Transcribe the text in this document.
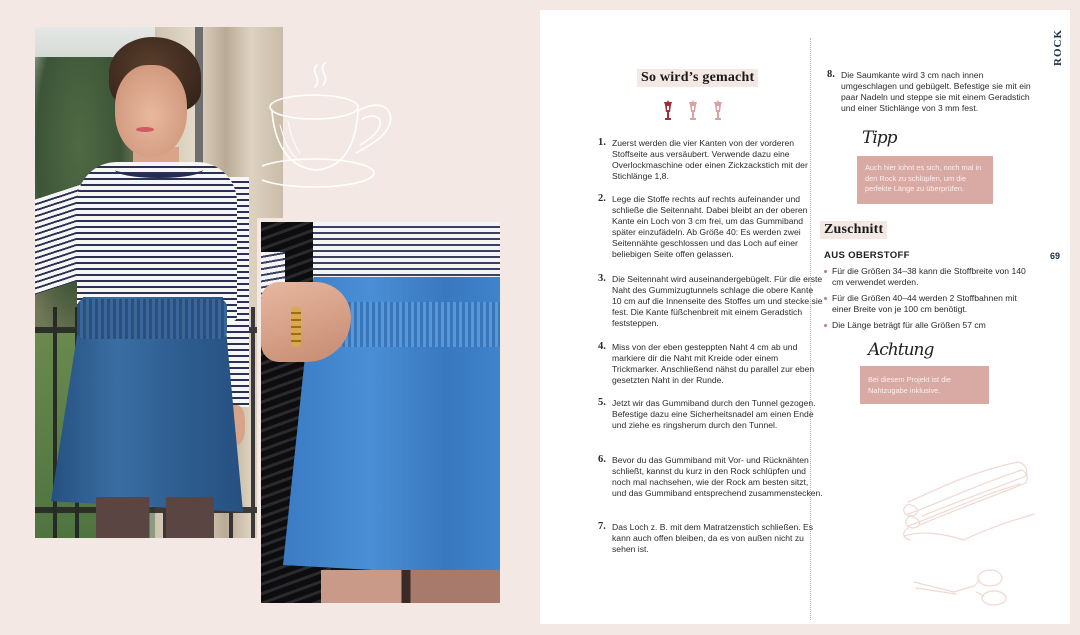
ROCK
69
So wird’s gemacht
1. Zuerst werden die vier Kanten von der vorderen Stoffseite aus versäubert. Verwende dazu eine Overlockmaschine oder einen Zickzackstich mit der Stichlänge 1,8.
2. Lege die Stoffe rechts auf rechts aufeinander und schließe die Seitennaht. Dabei bleibt an der oberen Kante ein Loch von 3 cm frei, um das Gummiband später einzufädeln. Ab Größe 40: Es werden zwei Seitennähte geschlossen und das Loch auf einer beliebigen Seite offen gelassen.
3. Die Seitennaht wird auseinandergebügelt. Für die erste Naht des Gummizugtunnels schlage die obere Kante 10 cm auf die Innenseite des Stoffes um und stecke sie fest. Die Kante füßchenbreit mit einem Geradstich feststeppen.
4. Miss von der eben gesteppten Naht 4 cm ab und markiere dir die Naht mit Kreide oder einem Trickmarker. Anschließend nähst du parallel zur eben gesetzten Naht in der Runde.
5. Jetzt wir das Gummiband durch den Tunnel gezogen. Befestige dazu eine Sicherheitsnadel am einen Ende und ziehe es ringsherum durch den Tunnel.
6. Bevor du das Gummiband mit Vor- und Rücknähten schließt, kannst du kurz in den Rock schlüpfen und noch mal nachsehen, wie der Rock am besten sitzt, und das Gummiband entsprechend zusammenstecken.
7. Das Loch z. B. mit dem Matratzenstich schließen. Es kann auch offen bleiben, da es von außen nicht zu sehen ist.
8. Die Saumkante wird 3 cm nach innen umgeschlagen und gebügelt. Befestige sie mit ein paar Nadeln und steppe sie mit einem Geradstich und einer Stichlänge von 3 mm fest.
Tipp
Auch hier lohnt es sich, noch mal in den Rock zu schlüpfen, um die perfekte Länge zu überprüfen.
Zuschnitt
AUS OBERSTOFF
Für die Größen 34–38 kann die Stoffbreite von 140 cm verwendet werden.
Für die Größen 40–44 werden 2 Stoffbahnen mit einer Breite von je 100 cm benötigt.
Die Länge beträgt für alle Größen 57 cm
Achtung
Bei diesem Projekt ist die Nahtzugabe inklusive.
